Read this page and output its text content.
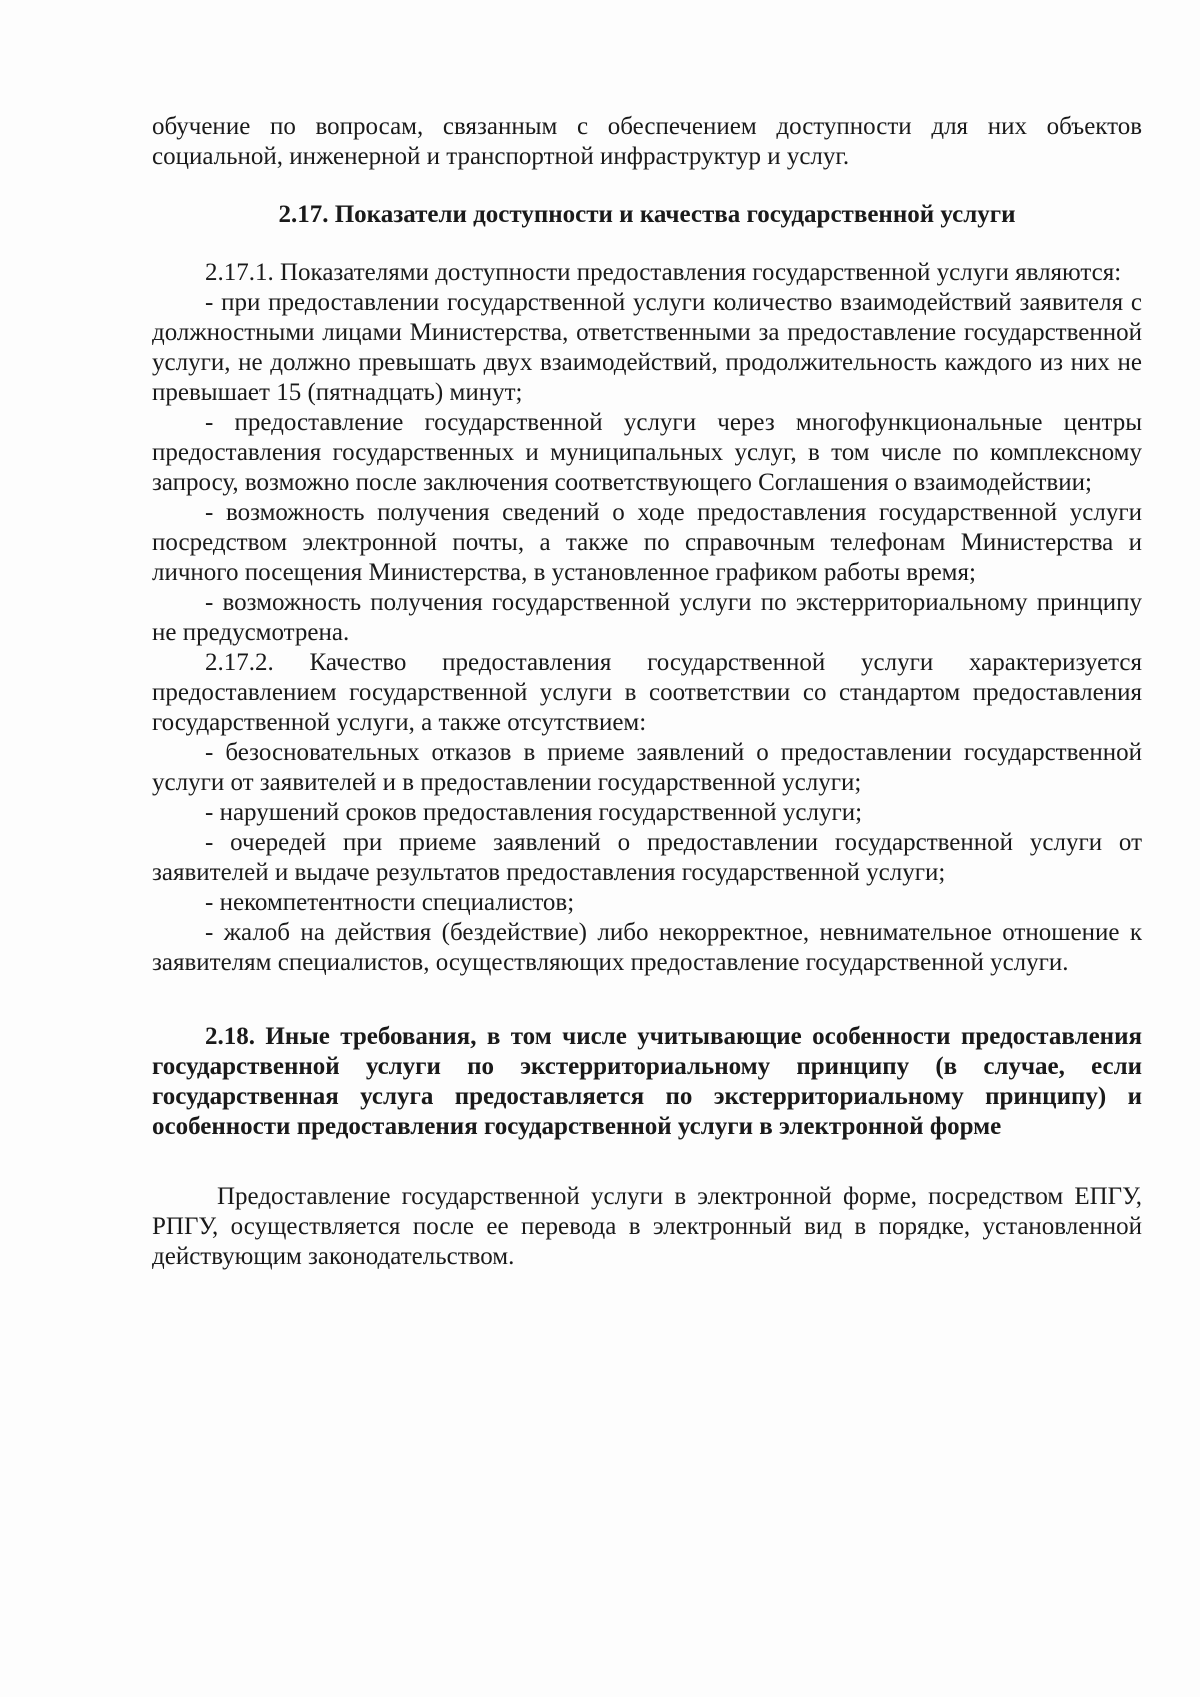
обучение по вопросам, связанным с обеспечением доступности для них объектов социальной, инженерной и транспортной инфраструктур и услуг.

2.17. Показатели доступности и качества государственной услуги

2.17.1. Показателями доступности предоставления государственной услуги являются:

- при предоставлении государственной услуги количество взаимодействий заявителя с должностными лицами Министерства, ответственными за предоставление государственной услуги, не должно превышать двух взаимодействий, продолжительность каждого из них не превышает 15 (пятнадцать) минут;

- предоставление государственной услуги через многофункциональные центры предоставления государственных и муниципальных услуг, в том числе по комплексному запросу, возможно после заключения соответствующего Соглашения о взаимодействии;

- возможность получения сведений о ходе предоставления государственной услуги посредством электронной почты, а также по справочным телефонам Министерства и личного посещения Министерства, в установленное графиком работы время;

- возможность получения государственной услуги по экстерриториальному принципу не предусмотрена.

2.17.2. Качество предоставления государственной услуги характеризуется предоставлением государственной услуги в соответствии со стандартом предоставления государственной услуги, а также отсутствием:

- безосновательных отказов в приеме заявлений о предоставлении государственной услуги от заявителей и в предоставлении государственной услуги;

- нарушений сроков предоставления государственной услуги;

- очередей при приеме заявлений о предоставлении государственной услуги от заявителей и выдаче результатов предоставления государственной услуги;

- некомпетентности специалистов;

- жалоб на действия (бездействие) либо некорректное, невнимательное отношение к заявителям специалистов, осуществляющих предоставление государственной услуги.

2.18. Иные требования, в том числе учитывающие особенности предоставления государственной услуги по экстерриториальному принципу (в случае, если государственная услуга предоставляется по экстерриториальному принципу) и особенности предоставления государственной услуги в электронной форме

Предоставление государственной услуги в электронной форме, посредством ЕПГУ, РПГУ, осуществляется после ее перевода в электронный вид в порядке, установленной действующим законодательством.
